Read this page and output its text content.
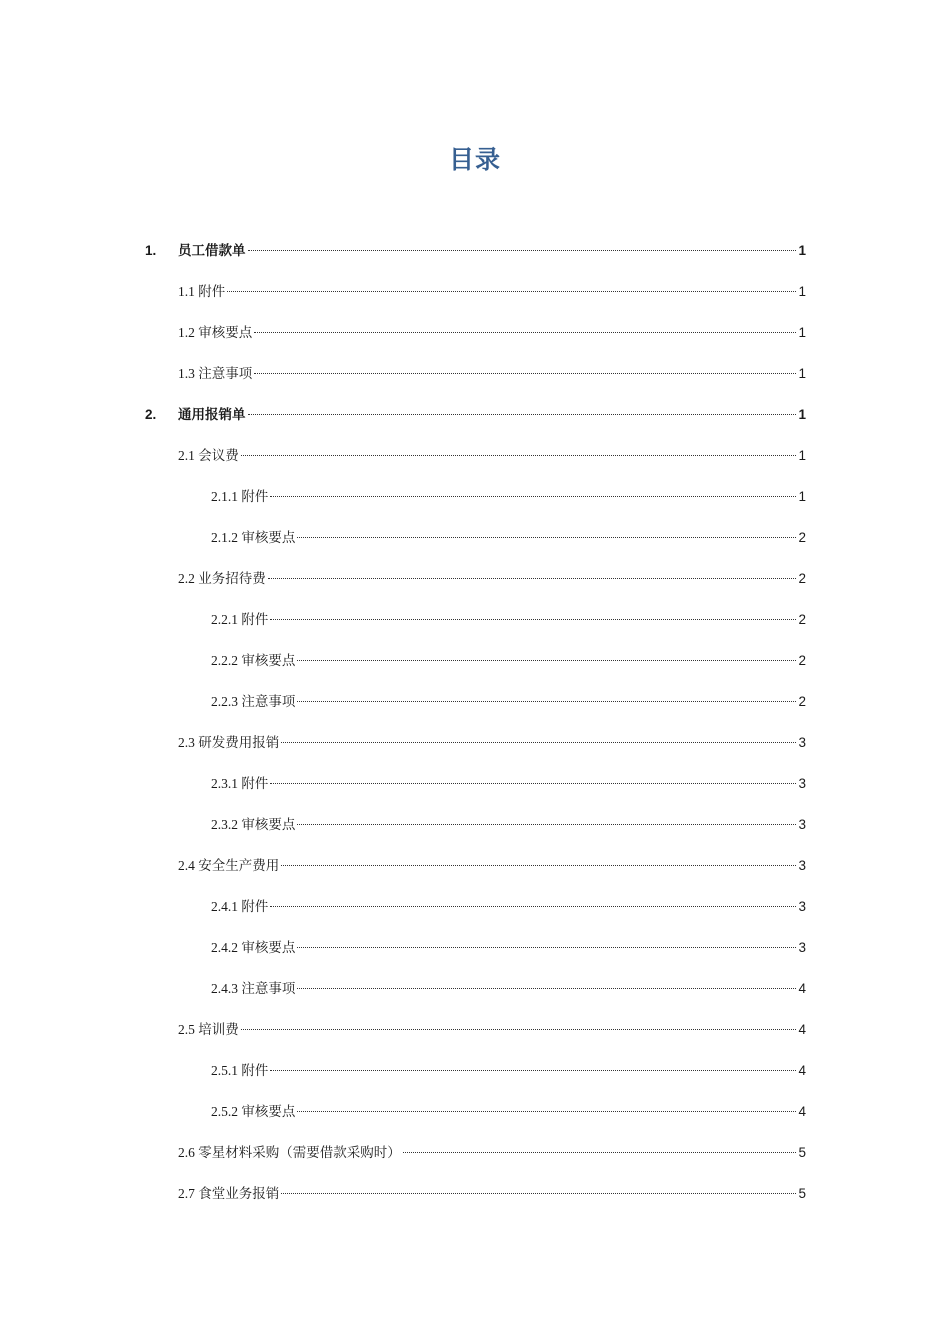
目录
1.	员工借款单	1
1.1 附件	1
1.2 审核要点	1
1.3 注意事项	1
2.	通用报销单	1
2.1 会议费	1
2.1.1 附件	1
2.1.2 审核要点	2
2.2 业务招待费	2
2.2.1 附件	2
2.2.2 审核要点	2
2.2.3 注意事项	2
2.3 研发费用报销	3
2.3.1 附件	3
2.3.2 审核要点	3
2.4 安全生产费用	3
2.4.1 附件	3
2.4.2 审核要点	3
2.4.3 注意事项	4
2.5 培训费	4
2.5.1 附件	4
2.5.2 审核要点	4
2.6 零星材料采购（需要借款采购时）	5
2.7 食堂业务报销	5
